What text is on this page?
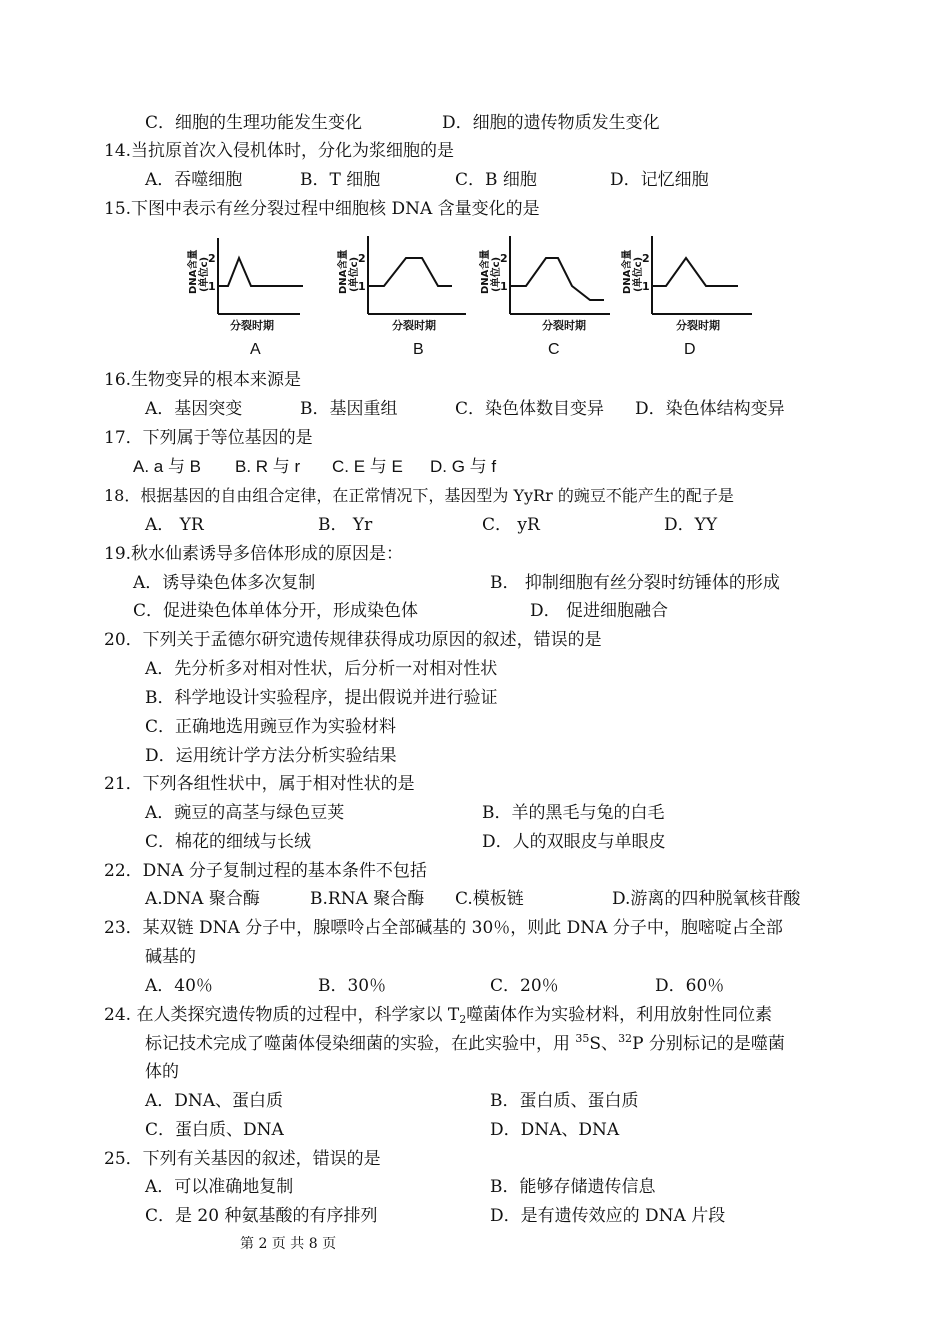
C．细胞的生理功能发生变化	D．细胞的遗传物质发生变化
14.当抗原首次入侵机体时，分化为浆细胞的是
A．吞噬细胞	B．T 细胞	C．B 细胞	D．记忆细胞
15.下图中表示有丝分裂过程中细胞核 DNA 含量变化的是
1
2
DNA含量 (单位c)
分裂时期
1
2
DNA含量 (单位c)
分裂时期
1
2
DNA含量 (单位c)
分裂时期
1
2
DNA含量 (单位c)
分裂时期
A	B	C	D
16.生物变异的根本来源是
A．基因突变	B．基因重组	C．染色体数目变异 D．染色体结构变异
17．下列属于等位基因的是
A. a 与 B B. R 与 r C. E 与 E D. G 与 f
18．根据基因的自由组合定律，在正常情况下，基因型为 YyRr 的豌豆不能产生的配子是
A． YR	B． Yr	C． yR	D．YY
19.秋水仙素诱导多倍体形成的原因是：
A．诱导染色体多次复制	B． 抑制细胞有丝分裂时纺锤体的形成
C．促进染色体单体分开，形成染色体	D． 促进细胞融合
20．下列关于孟德尔研究遗传规律获得成功原因的叙述，错误的是
A．先分析多对相对性状，后分析一对相对性状
B．科学地设计实验程序，提出假说并进行验证
C．正确地选用豌豆作为实验材料
D．运用统计学方法分析实验结果
21．下列各组性状中，属于相对性状的是
A．豌豆的高茎与绿色豆荚	B．羊的黑毛与兔的白毛
C．棉花的细绒与长绒	D．人的双眼皮与单眼皮
22．DNA 分子复制过程的基本条件不包括
A.DNA 聚合酶	B.RNA 聚合酶 C.模板链	D.游离的四种脱氧核苷酸
23．某双链 DNA 分子中，腺嘌呤占全部碱基的 30％，则此 DNA 分子中，胞嘧啶占全部
碱基的
A．40％	B．30％	C．20％	D．60％
24. 在人类探究遗传物质的过程中，科学家以 $T_2$噬菌体作为实验材料，利用放射性同位素
标记技术完成了噬菌体侵染细菌的实验，在此实验中，用 $^{35}$S、$^{32}$P 分别标记的是噬菌
体的
A．DNA、蛋白质	B．蛋白质、蛋白质
C．蛋白质、DNA	D．DNA、DNA
25．下列有关基因的叙述，错误的是
A．可以准确地复制	B．能够存储遗传信息
C．是 20 种氨基酸的有序排列	D．是有遗传效应的 DNA 片段
第 2 页 共 8 页
